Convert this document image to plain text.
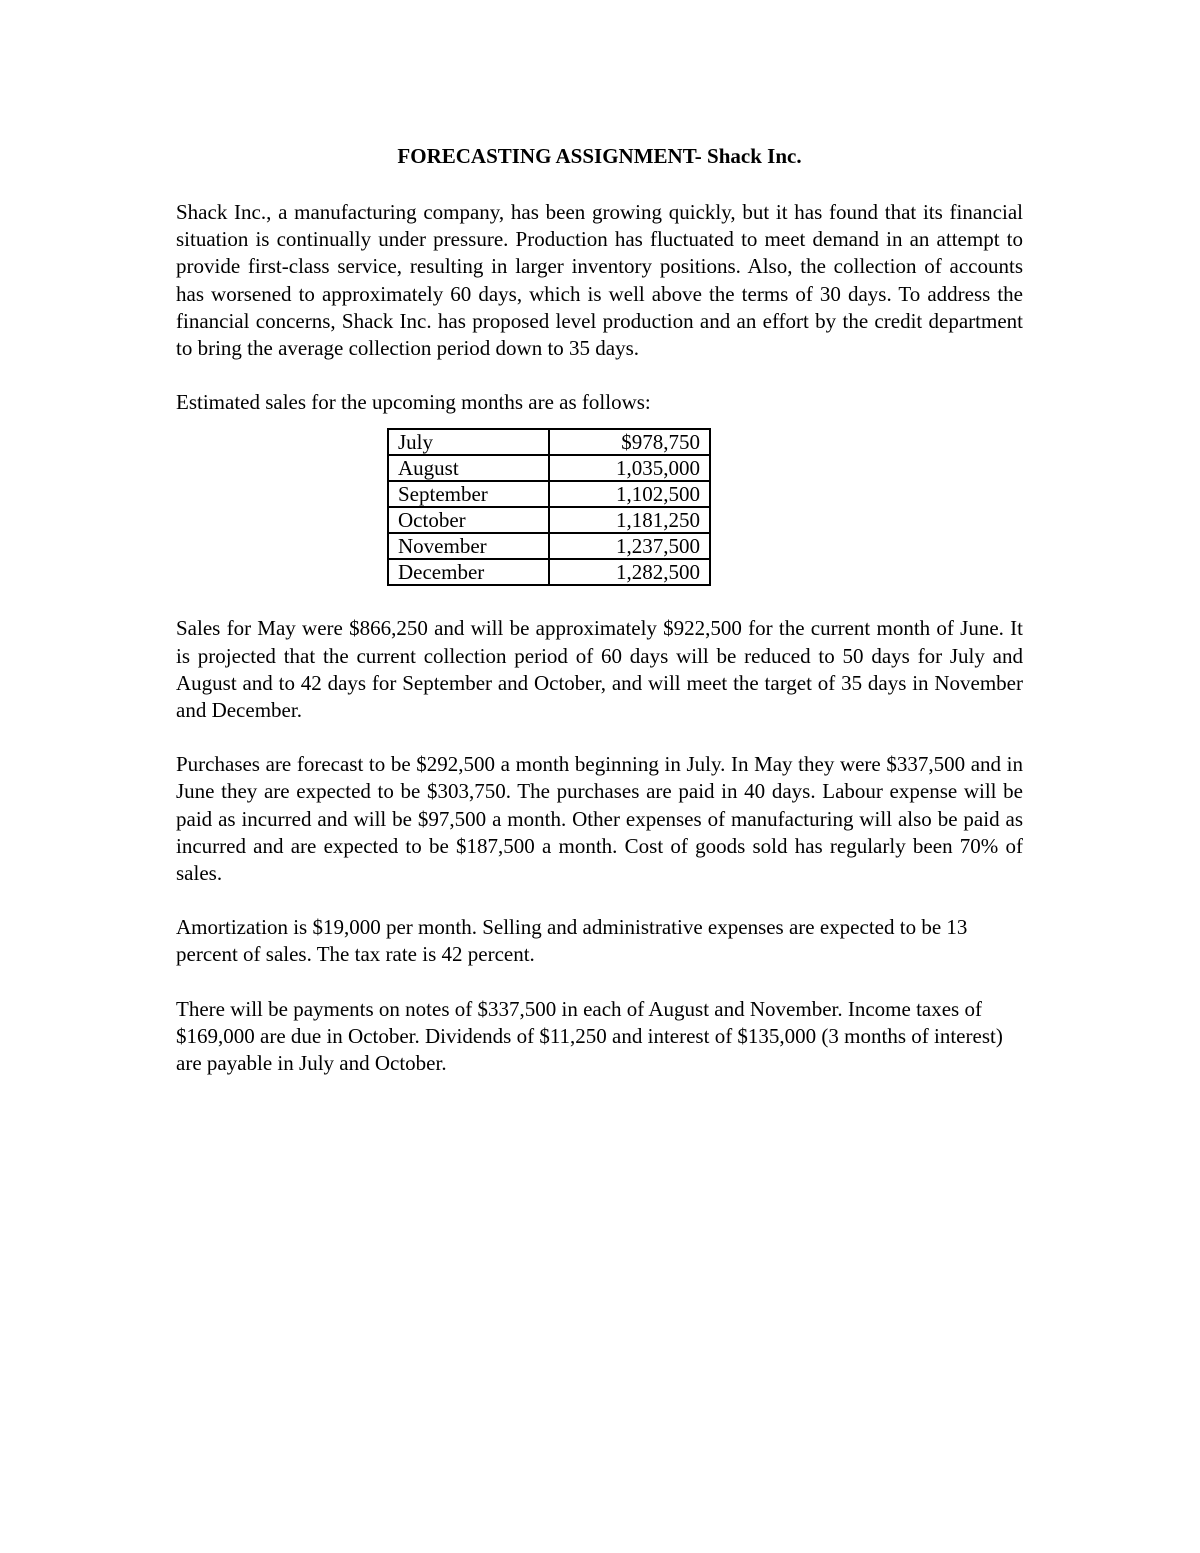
FORECASTING ASSIGNMENT- Shack Inc.

Shack Inc., a manufacturing company, has been growing quickly, but it has found that its financial situation is continually under pressure. Production has fluctuated to meet demand in an attempt to provide first-class service, resulting in larger inventory positions. Also, the collection of accounts has worsened to approximately 60 days, which is well above the terms of 30 days. To address the financial concerns, Shack Inc. has proposed level production and an effort by the credit department to bring the average collection period down to 35 days.

Estimated sales for the upcoming months are as follows:

July	$978,750
August	1,035,000
September	1,102,500
October	1,181,250
November	1,237,500
December	1,282,500

Sales for May were $866,250 and will be approximately $922,500 for the current month of June. It is projected that the current collection period of 60 days will be reduced to 50 days for July and August and to 42 days for September and October, and will meet the target of 35 days in November and December.

Purchases are forecast to be $292,500 a month beginning in July. In May they were $337,500 and in June they are expected to be $303,750. The purchases are paid in 40 days. Labour expense will be paid as incurred and will be $97,500 a month. Other expenses of manufacturing will also be paid as incurred and are expected to be $187,500 a month. Cost of goods sold has regularly been 70% of sales.

Amortization is $19,000 per month. Selling and administrative expenses are expected to be 13 percent of sales. The tax rate is 42 percent.

There will be payments on notes of $337,500 in each of August and November. Income taxes of $169,000 are due in October. Dividends of $11,250 and interest of $135,000 (3 months of interest) are payable in July and October.
